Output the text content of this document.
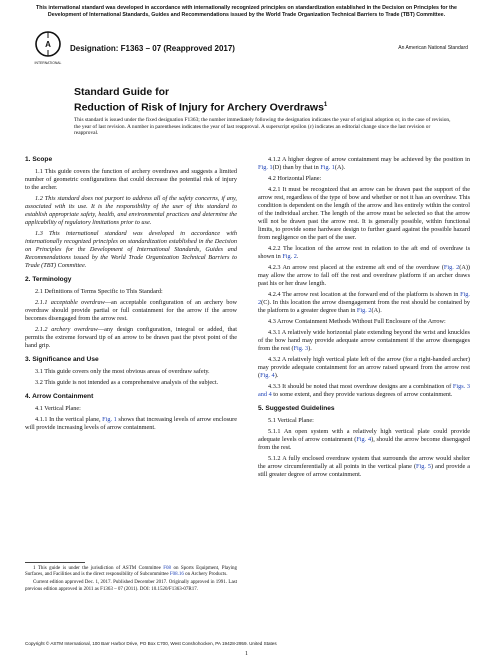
This international standard was developed in accordance with internationally recognized principles on standardization established in the Decision on Principles for the
Development of International Standards, Guides and Recommendations issued by the World Trade Organization Technical Barriers to Trade (TBT) Committee.
A
INTERNATIONAL
Designation: F1363 – 07 (Reapproved 2017)	An American National Standard
Standard Guide for
Reduction of Risk of Injury for Archery Overdraws$^1$
This standard is issued under the fixed designation F1363; the number immediately following the designation indicates the year of original adoption or, in the case of revision, the year of last revision. A number in parentheses indicates the year of last reapproval. A superscript epsilon (ε) indicates an editorial change since the last revision or reapproval.
1. Scope

1.1 This guide covers the function of archery overdraws and suggests a limited number of geometric configurations that could decrease the potential risk of injury to the archer.

1.2 This standard does not purport to address all of the safety concerns, if any, associated with its use. It is the responsibility of the user of this standard to establish appropriate safety, health, and environmental practices and determine the applicability of regulatory limitations prior to use.

1.3 This international standard was developed in accordance with internationally recognized principles on standardization established in the Decision on Principles for the Development of International Standards, Guides and Recommendations issued by the World Trade Organization Technical Barriers to Trade (TBT) Committee.

2. Terminology

2.1 Definitions of Terms Specific to This Standard:

2.1.1 acceptable overdraw—an acceptable configuration of an archery bow overdraw should provide partial or full containment for the arrow if the arrow becomes disengaged from the arrow rest.

2.1.2 archery overdraw—any design configuration, integral or added, that permits the extreme forward tip of an arrow to be drawn past the pivot point of the hand grip.

3. Significance and Use

3.1 This guide covers only the most obvious areas of overdraw safety.

3.2 This guide is not intended as a comprehensive analysis of the subject.

4. Arrow Containment

4.1 Vertical Plane:

4.1.1 In the vertical plane, Fig. 1 shows that increasing levels of arrow enclosure will provide increasing levels of arrow containment.

4.1.2 A higher degree of arrow containment may be achieved by the position in Fig. 1(D) than by that in Fig. 1(A).

4.2 Horizontal Plane:

4.2.1 It must be recognized that an arrow can be drawn past the support of the arrow rest, regardless of the type of bow and whether or not it has an overdraw. This condition is dependent on the length of the arrow and lies entirely within the control of the individual archer. The length of the arrow must be selected so that the arrow will not be drawn past the arrow rest. It is generally possible, within functional limits, to provide some hardware design to further guard against the possible hazard from negligence on the part of the user.

4.2.2 The location of the arrow rest in relation to the aft end of overdraw is shown in Fig. 2.

4.2.3 An arrow rest placed at the extreme aft end of the overdraw (Fig. 2(A)) may allow the arrow to fall off the rest and overdraw platform if an archer draws past his or her draw length.

4.2.4 The arrow rest location at the forward end of the platform is shown in Fig. 2(C). In this location the arrow disengagement from the rest should be contained by the platform to a greater degree than in Fig. 2(A).

4.3 Arrow Containment Methods Without Full Enclosure of the Arrow:

4.3.1 A relatively wide horizontal plate extending beyond the wrist and knuckles of the bow hand may provide adequate arrow containment if the arrow disengages from the rest (Fig. 3).

4.3.2 A relatively high vertical plate left of the arrow (for a right-handed archer) may provide adequate containment for an arrow raised upward from the arrow rest (Fig. 4).

4.3.3 It should be noted that most overdraw designs are a combination of Figs. 3 and 4 to some extent, and they provide various degrees of arrow containment.

5. Suggested Guidelines

5.1 Vertical Plane:

5.1.1 An open system with a relatively high vertical plate could provide adequate levels of arrow containment (Fig. 4), should the arrow become disengaged from the rest.

5.1.2 A fully enclosed overdraw system that surrounds the arrow would shelter the arrow circumferentially at all points in the vertical plane (Fig. 5) and provide a still greater degree of arrow containment.

1 This guide is under the jurisdiction of ASTM Committee F08 on Sports Equipment, Playing Surfaces, and Facilities and is the direct responsibility of Subcommittee F08.16 on Archery Products.

Current edition approved Dec. 1, 2017. Published December 2017. Originally approved in 1991. Last previous edition approved in 2011 as F1363 – 07 (2011). DOI: 10.1520/F1363-07R17.

Copyright © ASTM International, 100 Barr Harbor Drive, PO Box C700, West Conshohocken, PA 19428-2959. United States
1
